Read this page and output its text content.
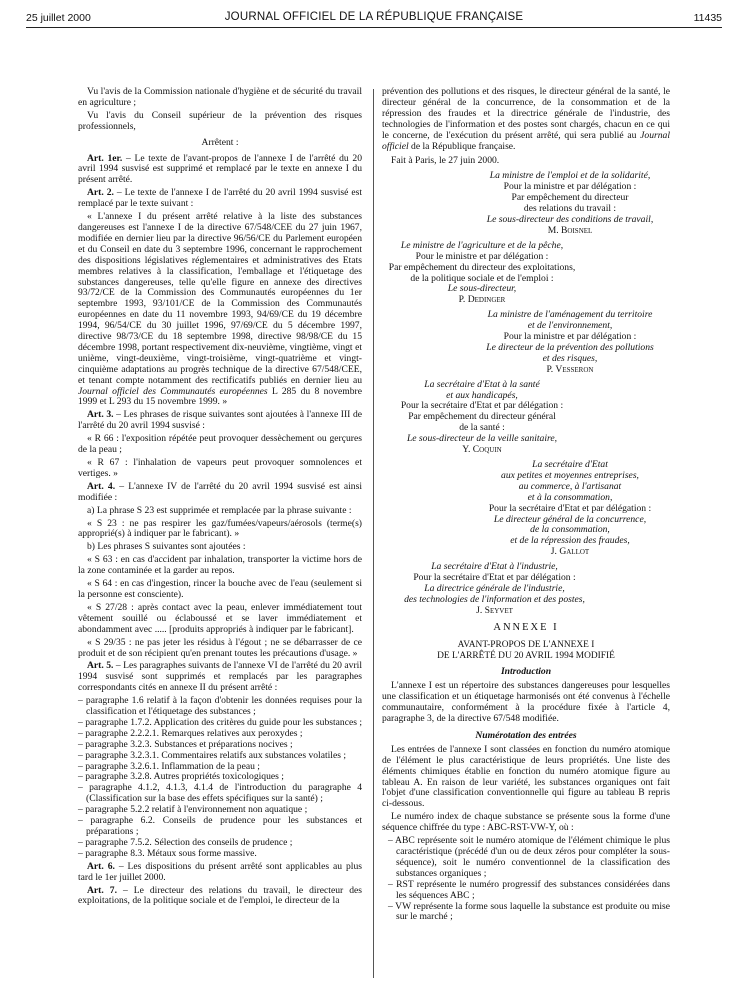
25 juillet 2000	JOURNAL OFFICIEL DE LA RÉPUBLIQUE FRANÇAISE	11435

Vu l'avis de la Commission nationale d'hygiène et de sécurité du travail en agriculture ;

Vu l'avis du Conseil supérieur de la prévention des risques professionnels,

Arrêtent :

Art. 1er. – Le texte de l'avant-propos de l'annexe I de l'arrêté du 20 avril 1994 susvisé est supprimé et remplacé par le texte en annexe I du présent arrêté.

Art. 2. – Le texte de l'annexe I de l'arrêté du 20 avril 1994 susvisé est remplacé par le texte suivant :

« L'annexe I du présent arrêté relative à la liste des substances dangereuses est l'annexe I de la directive 67/548/CEE du 27 juin 1967, modifiée en dernier lieu par la directive 96/56/CE du Parlement européen et du Conseil en date du 3 septembre 1996, concernant le rapprochement des dispositions législatives réglementaires et administratives des Etats membres relatives à la classification, l'emballage et l'étiquetage des substances dangereuses, telle qu'elle figure en annexe des directives 93/72/CE de la Commission des Communautés européennes du 1er septembre 1993, 93/101/CE de la Commission des Communautés européennes en date du 11 novembre 1993, 94/69/CE du 19 décembre 1994, 96/54/CE du 30 juillet 1996, 97/69/CE du 5 décembre 1997, directive 98/73/CE du 18 septembre 1998, directive 98/98/CE du 15 décembre 1998, portant respectivement dix-neuvième, vingtième, vingt et unième, vingt-deuxième, vingt-troisième, vingt-quatrième et vingt-cinquième adaptations au progrès technique de la directive 67/548/CEE, et tenant compte notamment des rectificatifs publiés en dernier lieu au Journal officiel des Communautés européennes L 285 du 8 novembre 1999 et L 293 du 15 novembre 1999. »

Art. 3. – Les phrases de risque suivantes sont ajoutées à l'annexe III de l'arrêté du 20 avril 1994 susvisé :

« R 66 : l'exposition répétée peut provoquer dessèchement ou gerçures de la peau ;

« R 67 : l'inhalation de vapeurs peut provoquer somnolences et vertiges. »

Art. 4. – L'annexe IV de l'arrêté du 20 avril 1994 susvisé est ainsi modifiée :

a) La phrase S 23 est supprimée et remplacée par la phrase suivante :

« S 23 : ne pas respirer les gaz/fumées/vapeurs/aérosols (terme(s) approprié(s) à indiquer par le fabricant). »

b) Les phrases S suivantes sont ajoutées :

« S 63 : en cas d'accident par inhalation, transporter la victime hors de la zone contaminée et la garder au repos.

« S 64 : en cas d'ingestion, rincer la bouche avec de l'eau (seulement si la personne est consciente).

« S 27/28 : après contact avec la peau, enlever immédiatement tout vêtement souillé ou éclaboussé et se laver immédiatement et abondamment avec ..... [produits appropriés à indiquer par le fabricant].

« S 29/35 : ne pas jeter les résidus à l'égout ; ne se débarrasser de ce produit et de son récipient qu'en prenant toutes les précautions d'usage. »

Art. 5. – Les paragraphes suivants de l'annexe VI de l'arrêté du 20 avril 1994 susvisé sont supprimés et remplacés par les paragraphes correspondants cités en annexe II du présent arrêté :

– paragraphe 1.6 relatif à la façon d'obtenir les données requises pour la classification et l'étiquetage des substances ;

– paragraphe 1.7.2. Application des critères du guide pour les substances ;

– paragraphe 2.2.2.1. Remarques relatives aux peroxydes ;

– paragraphe 3.2.3. Substances et préparations nocives ;

– paragraphe 3.2.3.1. Commentaires relatifs aux substances volatiles ;

– paragraphe 3.2.6.1. Inflammation de la peau ;

– paragraphe 3.2.8. Autres propriétés toxicologiques ;

– paragraphe 4.1.2, 4.1.3, 4.1.4 de l'introduction du paragraphe 4 (Classification sur la base des effets spécifiques sur la santé) ;

– paragraphe 5.2.2 relatif à l'environnement non aquatique ;

– paragraphe 6.2. Conseils de prudence pour les substances et préparations ;

– paragraphe 7.5.2. Sélection des conseils de prudence ;

– paragraphe 8.3. Métaux sous forme massive.

Art. 6. – Les dispositions du présent arrêté sont applicables au plus tard le 1er juillet 2000.

Art. 7. – Le directeur des relations du travail, le directeur des exploitations, de la politique sociale et de l'emploi, le directeur de la

prévention des pollutions et des risques, le directeur général de la santé, le directeur général de la concurrence, de la consommation et de la répression des fraudes et la directrice générale de l'industrie, des technologies de l'information et des postes sont chargés, chacun en ce qui le concerne, de l'exécution du présent arrêté, qui sera publié au Journal officiel de la République française.

Fait à Paris, le 27 juin 2000.

La ministre de l'emploi et de la solidarité,

Pour la ministre et par délégation :

Par empêchement du directeur

des relations du travail :

Le sous-directeur des conditions de travail,

M. Boisnel

Le ministre de l'agriculture et de la pêche,

Pour le ministre et par délégation :

Par empêchement du directeur des exploitations,

de la politique sociale et de l'emploi :

Le sous-directeur,

P. Dedinger

La ministre de l'aménagement du territoire

et de l'environnement,

Pour la ministre et par délégation :

Le directeur de la prévention des pollutions

et des risques,

P. Vesseron

La secrétaire d'Etat à la santé

et aux handicapés,

Pour la secrétaire d'Etat et par délégation :

Par empêchement du directeur général

de la santé :

Le sous-directeur de la veille sanitaire,

Y. Coquin

La secrétaire d'Etat

aux petites et moyennes entreprises,

au commerce, à l'artisanat

et à la consommation,

Pour la secrétaire d'Etat et par délégation :

Le directeur général de la concurrence,

de la consommation,

et de la répression des fraudes,

J. Gallot

La secrétaire d'Etat à l'industrie,

Pour la secrétaire d'Etat et par délégation :

La directrice générale de l'industrie,

des technologies de l'information et des postes,

J. Seyvet

ANNEXE I
AVANT-PROPOS DE L'ANNEXE I
DE L'ARRÊTÉ DU 20 AVRIL 1994 MODIFIÉ

Introduction

L'annexe I est un répertoire des substances dangereuses pour lesquelles une classification et un étiquetage harmonisés ont été convenus à l'échelle communautaire, conformément à la procédure fixée à l'article 4, paragraphe 3, de la directive 67/548 modifiée.

Numérotation des entrées

Les entrées de l'annexe I sont classées en fonction du numéro atomique de l'élément le plus caractéristique de leurs propriétés. Une liste des éléments chimiques établie en fonction du numéro atomique figure au tableau A. En raison de leur variété, les substances organiques ont fait l'objet d'une classification conventionnelle qui figure au tableau B repris ci-dessous.

Le numéro index de chaque substance se présente sous la forme d'une séquence chiffrée du type : ABC-RST-VW-Y, où :

– ABC représente soit le numéro atomique de l'élément chimique le plus caractéristique (précédé d'un ou de deux zéros pour compléter la sous-séquence), soit le numéro conventionnel de la classification des substances organiques ;

– RST représente le numéro progressif des substances considérées dans les séquences ABC ;

– VW représente la forme sous laquelle la substance est produite ou mise sur le marché ;
